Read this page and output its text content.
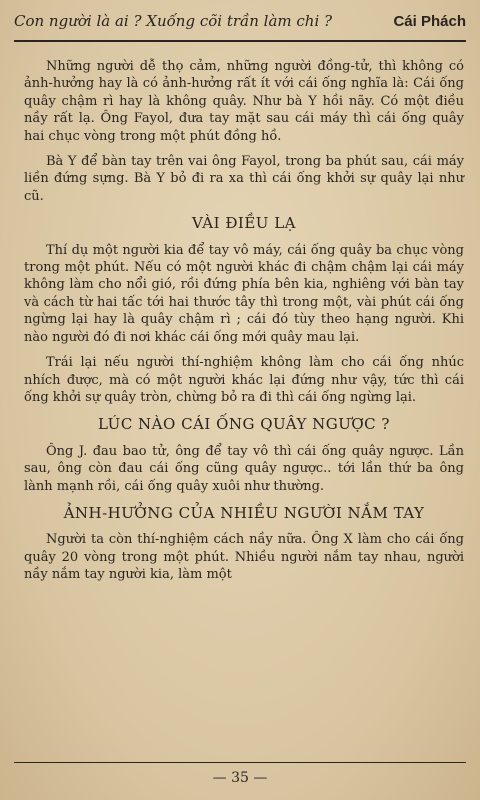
Con người là ai ? Xuống cõi trần làm chi ?	Cái Phách

Những người dễ thọ cảm, những người đồng-tử, thì không có ảnh-hưởng hay là có ảnh-hưởng rất ít với cái ống nghĩa là: Cái ống quây chậm rì hay là không quây. Như bà Y hồi nãy. Có một điều nầy rất lạ. Ông Fayol, đưa tay mặt sau cái máy thì cái ống quây hai chục vòng trong một phút đồng hồ.

Bà Y để bàn tay trên vai ông Fayol, trong ba phút sau, cái máy liền đứng sựng. Bà Y bỏ đi ra xa thì cái ống khởi sự quây lại như cũ.

VÀI ĐIỀU LẠ

Thí dụ một người kia để tay vô máy, cái ống quây ba chục vòng trong một phút. Nếu có một người khác đi chậm chậm lại cái máy không làm cho nổi gió, rồi đứng phía bên kia, nghiêng với bàn tay và cách từ hai tấc tới hai thước tây thì trong một, vài phút cái ống ngừng lại hay là quây chậm rì ; cái đó tùy theo hạng người. Khi nào người đó đi nơi khác cái ống mới quây mau lại.

Trái lại nếu người thí-nghiệm không làm cho cái ống nhúc nhích được, mà có một người khác lại đứng như vậy, tức thì cái ống khởi sự quây tròn, chừng bỏ ra đi thì cái ống ngừng lại.

LÚC NÀO CÁI ỐNG QUÂY NGƯỢC ?

Ông J. đau bao tử, ông để tay vô thì cái ống quây ngược. Lần sau, ông còn đau cái ống cũng quây ngược.. tới lần thứ ba ông lành mạnh rồi, cái ống quây xuôi như thường.

ẢNH-HƯỞNG CỦA NHIỀU NGƯỜI NẮM TAY

Người ta còn thí-nghiệm cách nầy nữa. Ông X làm cho cái ống quây 20 vòng trong một phút. Nhiều người nắm tay nhau, người nầy nắm tay người kia, làm một

— 35 —
